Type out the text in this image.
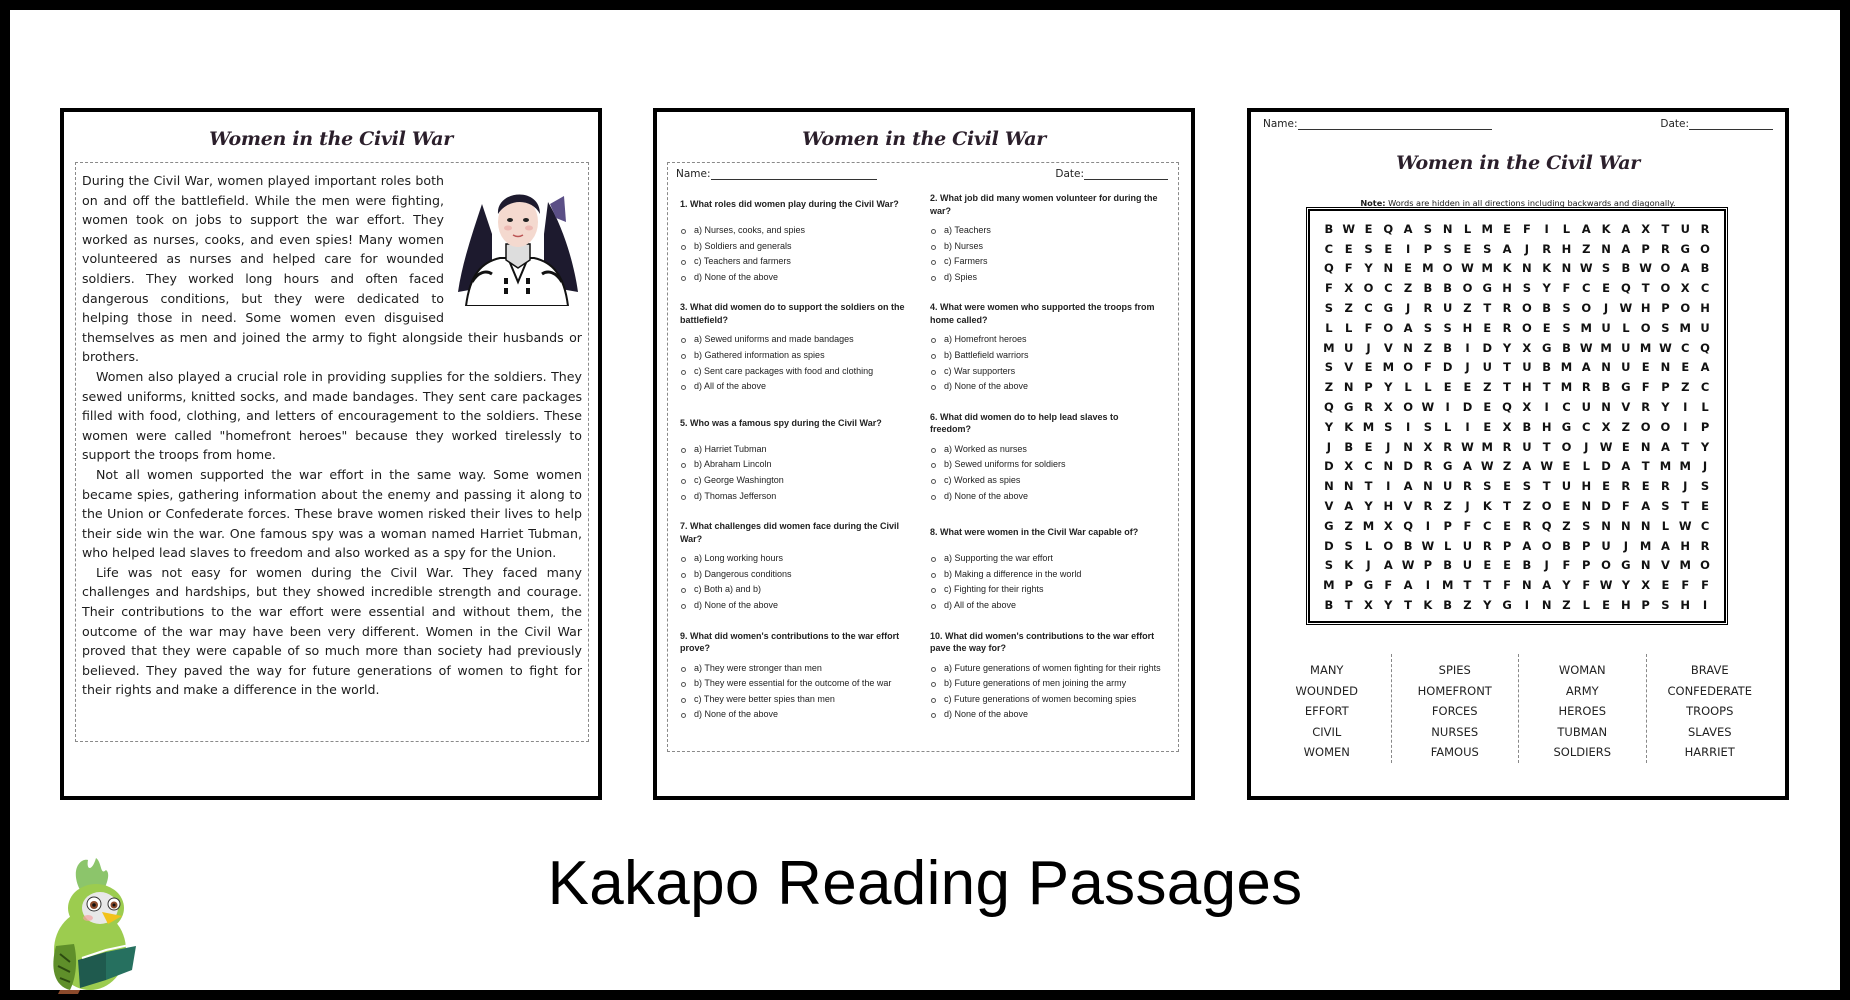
Women in the Civil War

During the Civil War, women played important roles both on and off the battlefield. While the men were fighting, women took on jobs to support the war effort. They worked as nurses, cooks, and even spies! Many women volunteered as nurses and helped care for wounded soldiers. They worked long hours and often faced dangerous conditions, but they were dedicated to helping those in need. Some women even disguised themselves as men and joined the army to fight alongside their husbands or brothers.

Women also played a crucial role in providing supplies for the soldiers. They sewed uniforms, knitted socks, and made bandages. They sent care packages filled with food, clothing, and letters of encouragement to the soldiers. These women were called "homefront heroes" because they worked tirelessly to support the troops from home.

Not all women supported the war effort in the same way. Some women became spies, gathering information about the enemy and passing it along to the Union or Confederate forces. These brave women risked their lives to help their side win the war. One famous spy was a woman named Harriet Tubman, who helped lead slaves to freedom and also worked as a spy for the Union.

Life was not easy for women during the Civil War. They faced many challenges and hardships, but they showed incredible strength and courage. Their contributions to the war effort were essential and without them, the outcome of the war may have been very different. Women in the Civil War proved that they were capable of so much more than society had previously believed. They paved the way for future generations of women to fight for their rights and make a difference in the world.

Women in the Civil War
Name:	Date:
1. What roles did women play during the Civil War?
a) Nurses, cooks, and spies
b) Soldiers and generals
c) Teachers and farmers
d) None of the above
2. What job did many women volunteer for during the war?
a) Teachers
b) Nurses
c) Farmers
d) Spies
3. What did women do to support the soldiers on the battlefield?
a) Sewed uniforms and made bandages
b) Gathered information as spies
c) Sent care packages with food and clothing
d) All of the above
4. What were women who supported the troops from home called?
a) Homefront heroes
b) Battlefield warriors
c) War supporters
d) None of the above
5. Who was a famous spy during the Civil War?
a) Harriet Tubman
b) Abraham Lincoln
c) George Washington
d) Thomas Jefferson
6. What did women do to help lead slaves to freedom?
a) Worked as nurses
b) Sewed uniforms for soldiers
c) Worked as spies
d) None of the above
7. What challenges did women face during the Civil War?
a) Long working hours
b) Dangerous conditions
c) Both a) and b)
d) None of the above
8. What were women in the Civil War capable of?
a) Supporting the war effort
b) Making a difference in the world
c) Fighting for their rights
d) All of the above
9. What did women's contributions to the war effort prove?
a) They were stronger than men
b) They were essential for the outcome of the war
c) They were better spies than men
d) None of the above
10. What did women's contributions to the war effort pave the way for?
a) Future generations of women fighting for their rights
b) Future generations of men joining the army
c) Future generations of women becoming spies
d) None of the above
Name:	Date:
Women in the Civil War
Note: Words are hidden in all directions including backwards and diagonally.
B W E Q A S N L M E	F	I	L	A K A X T U R
C	E	S	E	I	P S	E	S A	J	R H Z N A P R G O
Q F	Y N E M O W M K N K N W S B W O A B
F X O C Z B B O G H S Y	F	C	E Q T O X C
S Z C G	J	R U Z	T R O B S O	J W H P O H
L	L	F O A S	S H E R O E	S M U L O S M U
M U	J	V N Z B	I	D Y X G B W M U M W C Q
S V E M O F D	J	U T U B M A N U E N E A
Z N P Y	L	L	E	E	Z	T H T M R B G F	P Z C
Q G R X O W I	D E Q X	I	C U N V R Y	I	L
Y K M S	I	S	L	I	E X B H G C X Z O O	I	P
J	B E	J	N X R W M R U T O	J W E N A T	Y
D X C N D R G A W Z A W E	L D A T M M	J
N N T	I	A N U R S	E	S	T U H E R E R	J	S
V A Y H V R Z	J	K T	Z O E N D F A S	T	E
G Z M X Q	I	P	F	C	E R Q Z S N N N L W C
D S	L O B W L U R P A O B P U	J	M A H R
S K	J	A W P B U E	E B	J	F	P O G N V M O
M P G F A	I	M T	T	F N A Y	F W Y X E	F	F
B T X Y	T K B Z Y G	I	N Z	L	E H P S H	I
MANY
WOUNDED
EFFORT
CIVIL
WOMEN
SPIES
HOMEFRONT
FORCES
NURSES
FAMOUS
WOMAN
ARMY
HEROES
TUBMAN
SOLDIERS
BRAVE
CONFEDERATE
TROOPS
SLAVES
HARRIET
Kakapo Reading Passages
